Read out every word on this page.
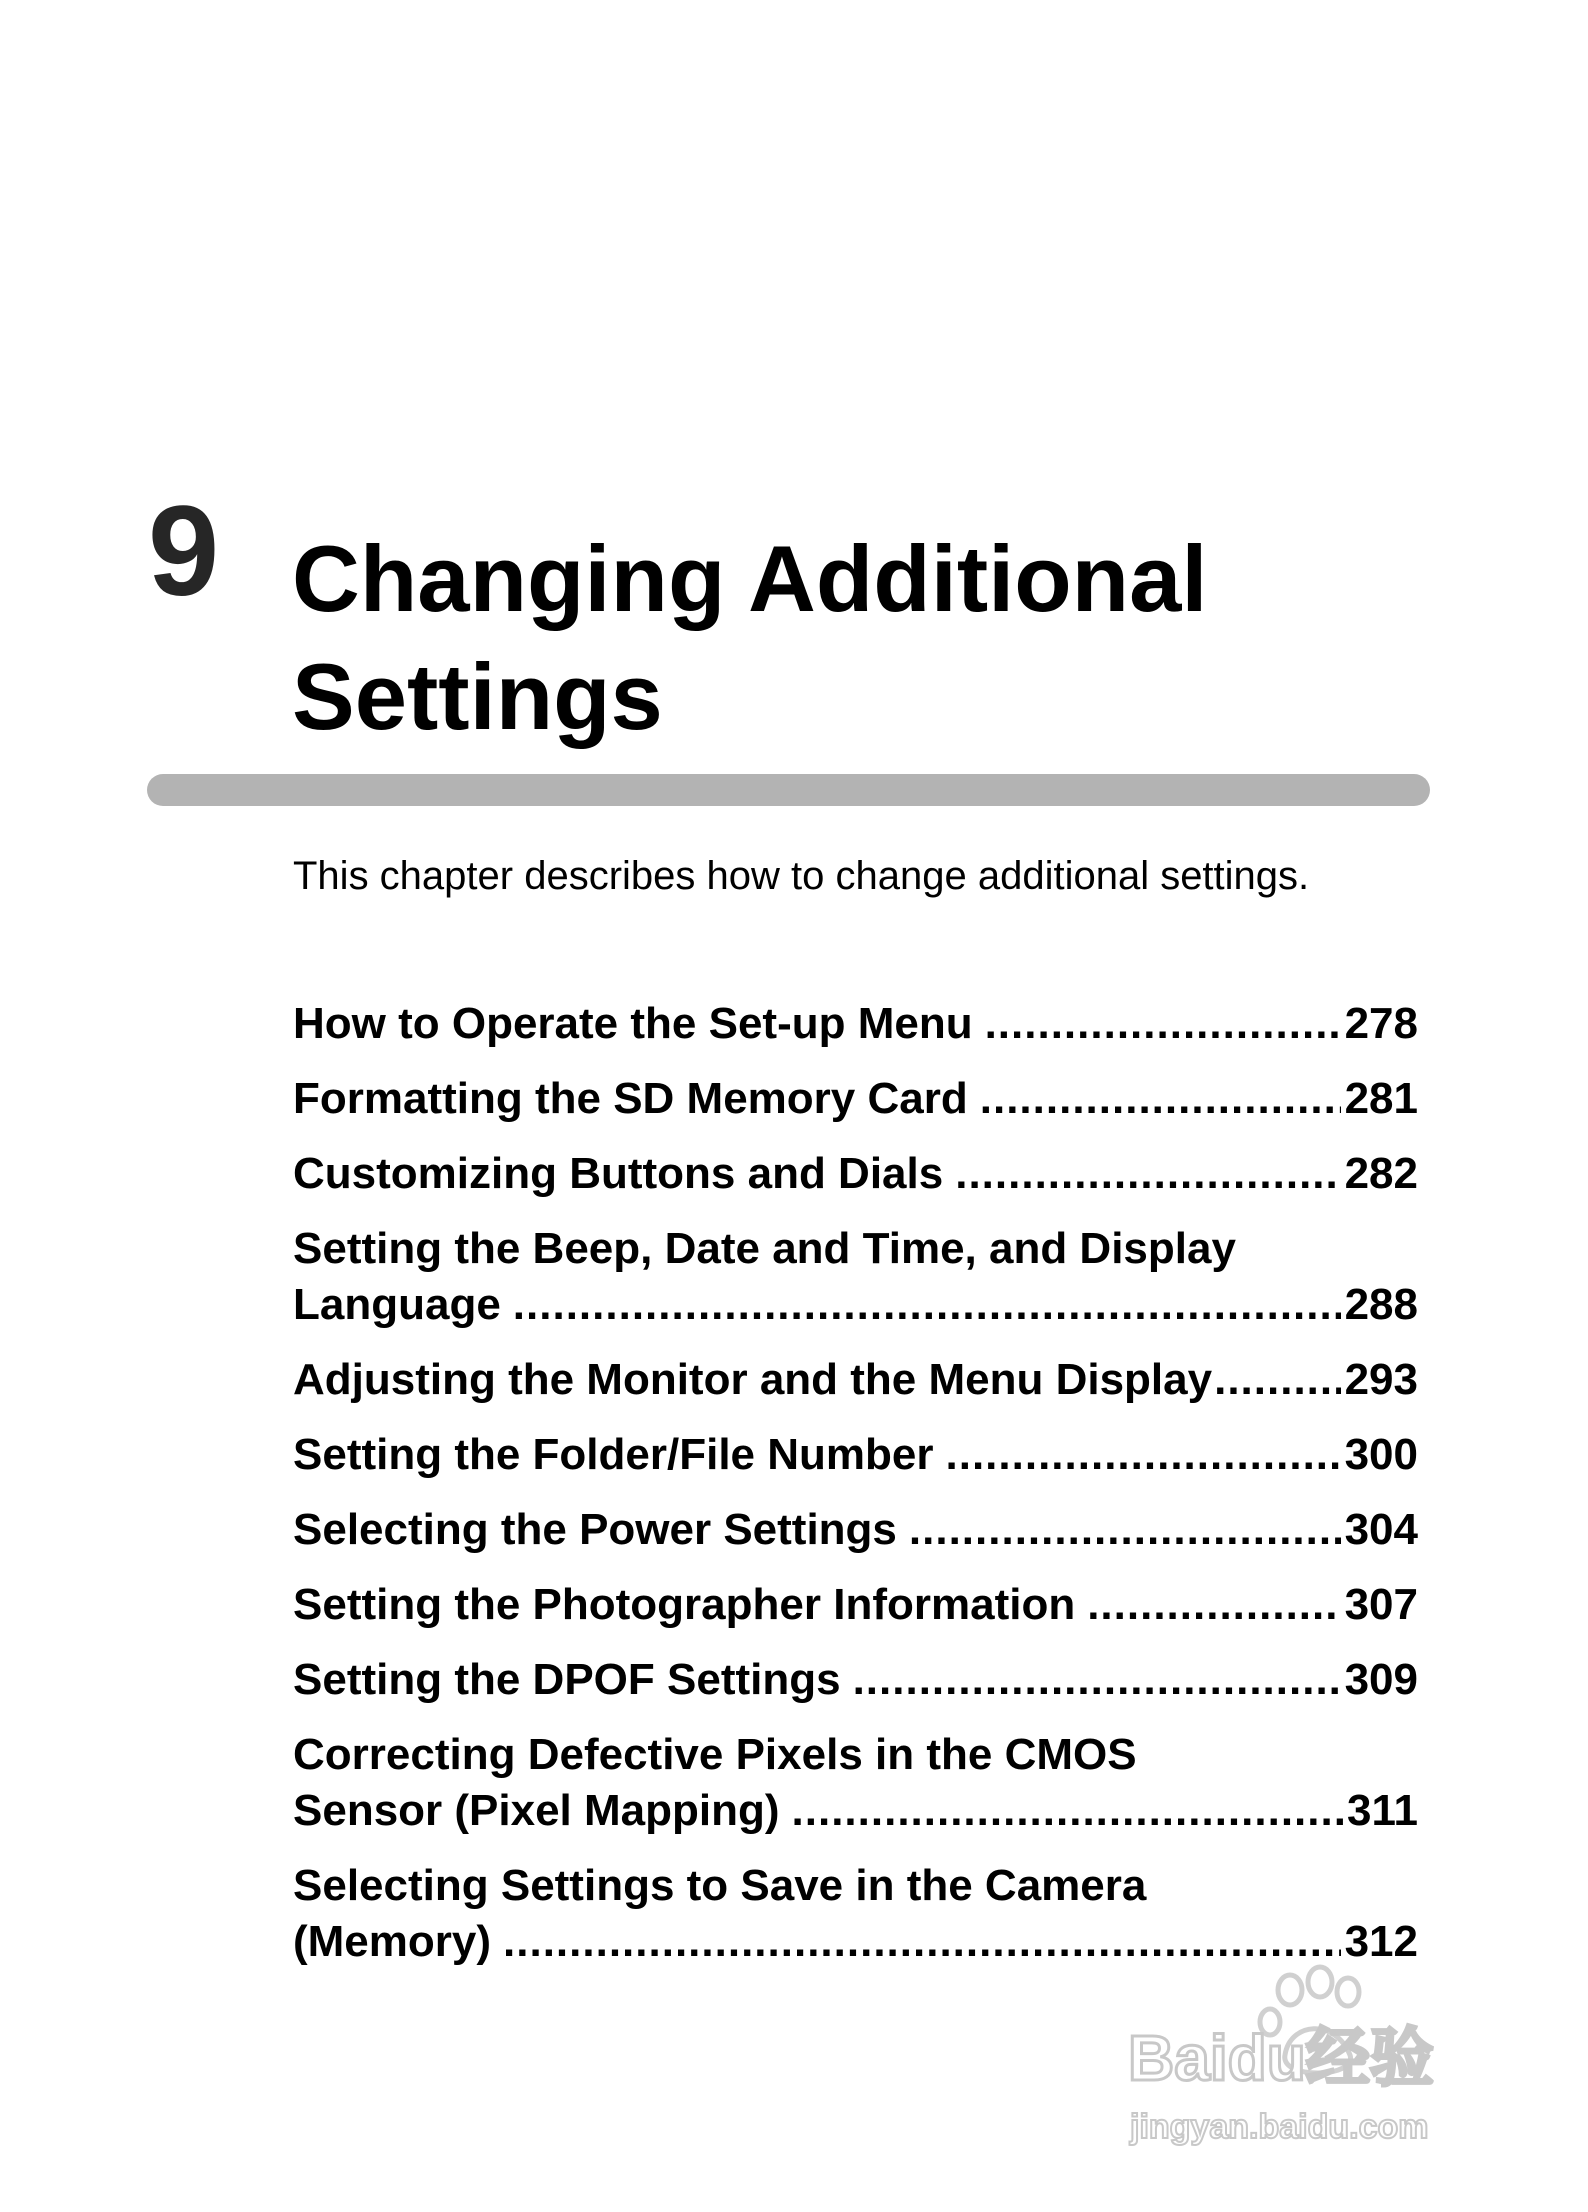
9 Changing Additional
Settings
This chapter describes how to change additional settings.
How to Operate the Set-up Menu .....	278
Formatting the SD Memory Card .....	281
Customizing Buttons and Dials .....	282
Setting the Beep, Date and Time, and Display
Language .....	288
Adjusting the Monitor and the Menu Display .....	293
Setting the Folder/File Number .....	300
Selecting the Power Settings .....	304
Setting the Photographer Information .....	307
Setting the DPOF Settings .....	309
Correcting Defective Pixels in the CMOS
Sensor (Pixel Mapping) .....	311
Selecting Settings to Save in the Camera
(Memory) .....	312
Baidu经验
jingyan.baidu.com
